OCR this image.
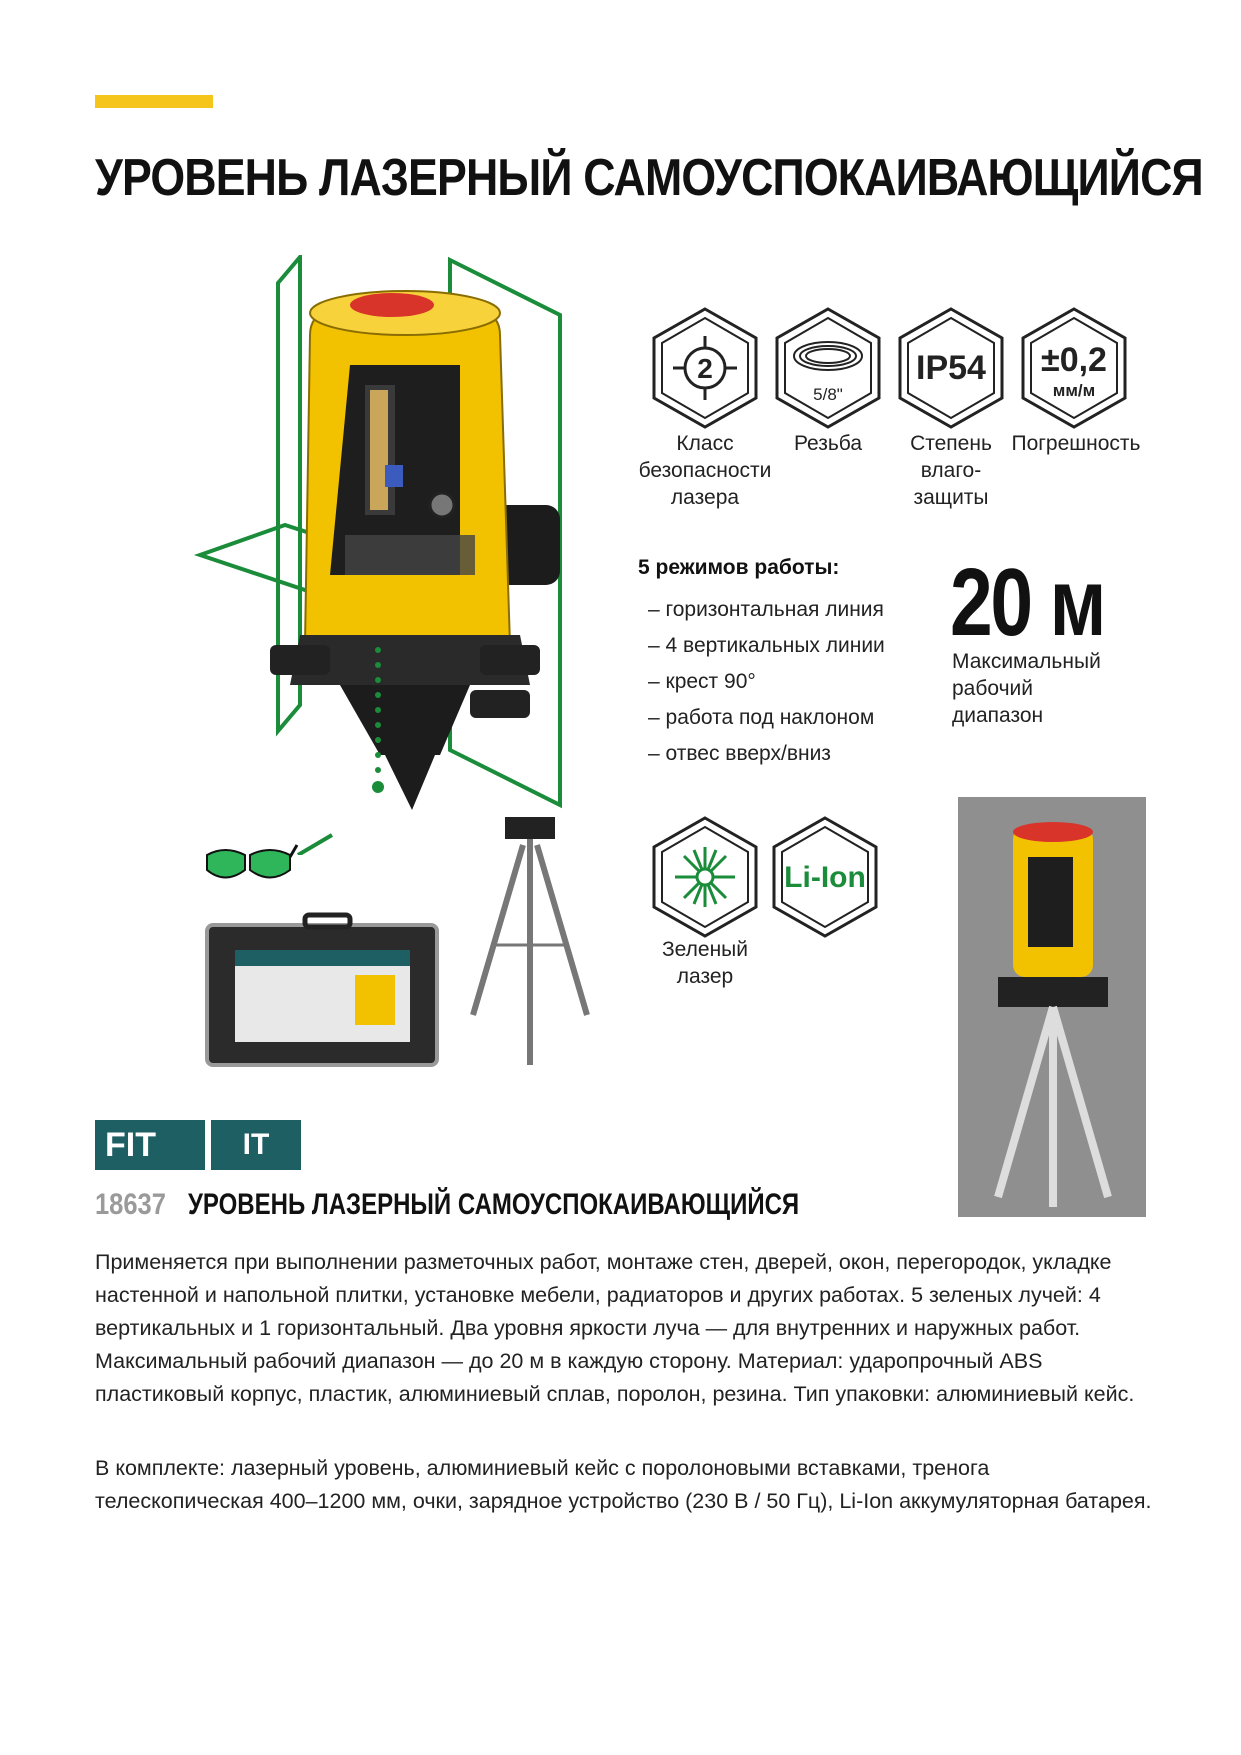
УРОВЕНЬ ЛАЗЕРНЫЙ САМОУСПОКАИВАЮЩИЙСЯ
2
5/8"
IP54 ±0,2
мм/м
Класс
безопасности
лазера
Резьба	Степень
влаго-
защиты
Погрешность
5 режимов работы:
– горизонтальная линия
– 4 вертикальных линии
– крест 90°
– работа под наклоном
– отвес вверх/вниз
20 м
Максимальный
рабочий
диапазон
Li-Ion
Зеленый
лазер
FIT	IT
18637 УРОВЕНЬ ЛАЗЕРНЫЙ САМОУСПОКАИВАЮЩИЙСЯ

Применяется при выполнении разметочных работ, монтаже стен, дверей, окон, перегородок, укладке настенной и напольной плитки, установке мебели, радиаторов и других работах. 5 зеленых лучей: 4 вертикальных и 1 горизонтальный. Два уровня яркости луча — для внутренних и наружных работ. Максимальный рабочий диапазон — до 20 м в каждую сторону. Материал: ударопрочный ABS пластиковый корпус, пластик, алюминиевый сплав, поролон, резина. Тип упаковки: алюминиевый кейс.

В комплекте: лазерный уровень, алюминиевый кейс с поролоновыми вставками, тренога телескопическая 400–1200 мм, очки, зарядное устройство (230 В / 50 Гц), Li-Ion аккумуляторная батарея.
